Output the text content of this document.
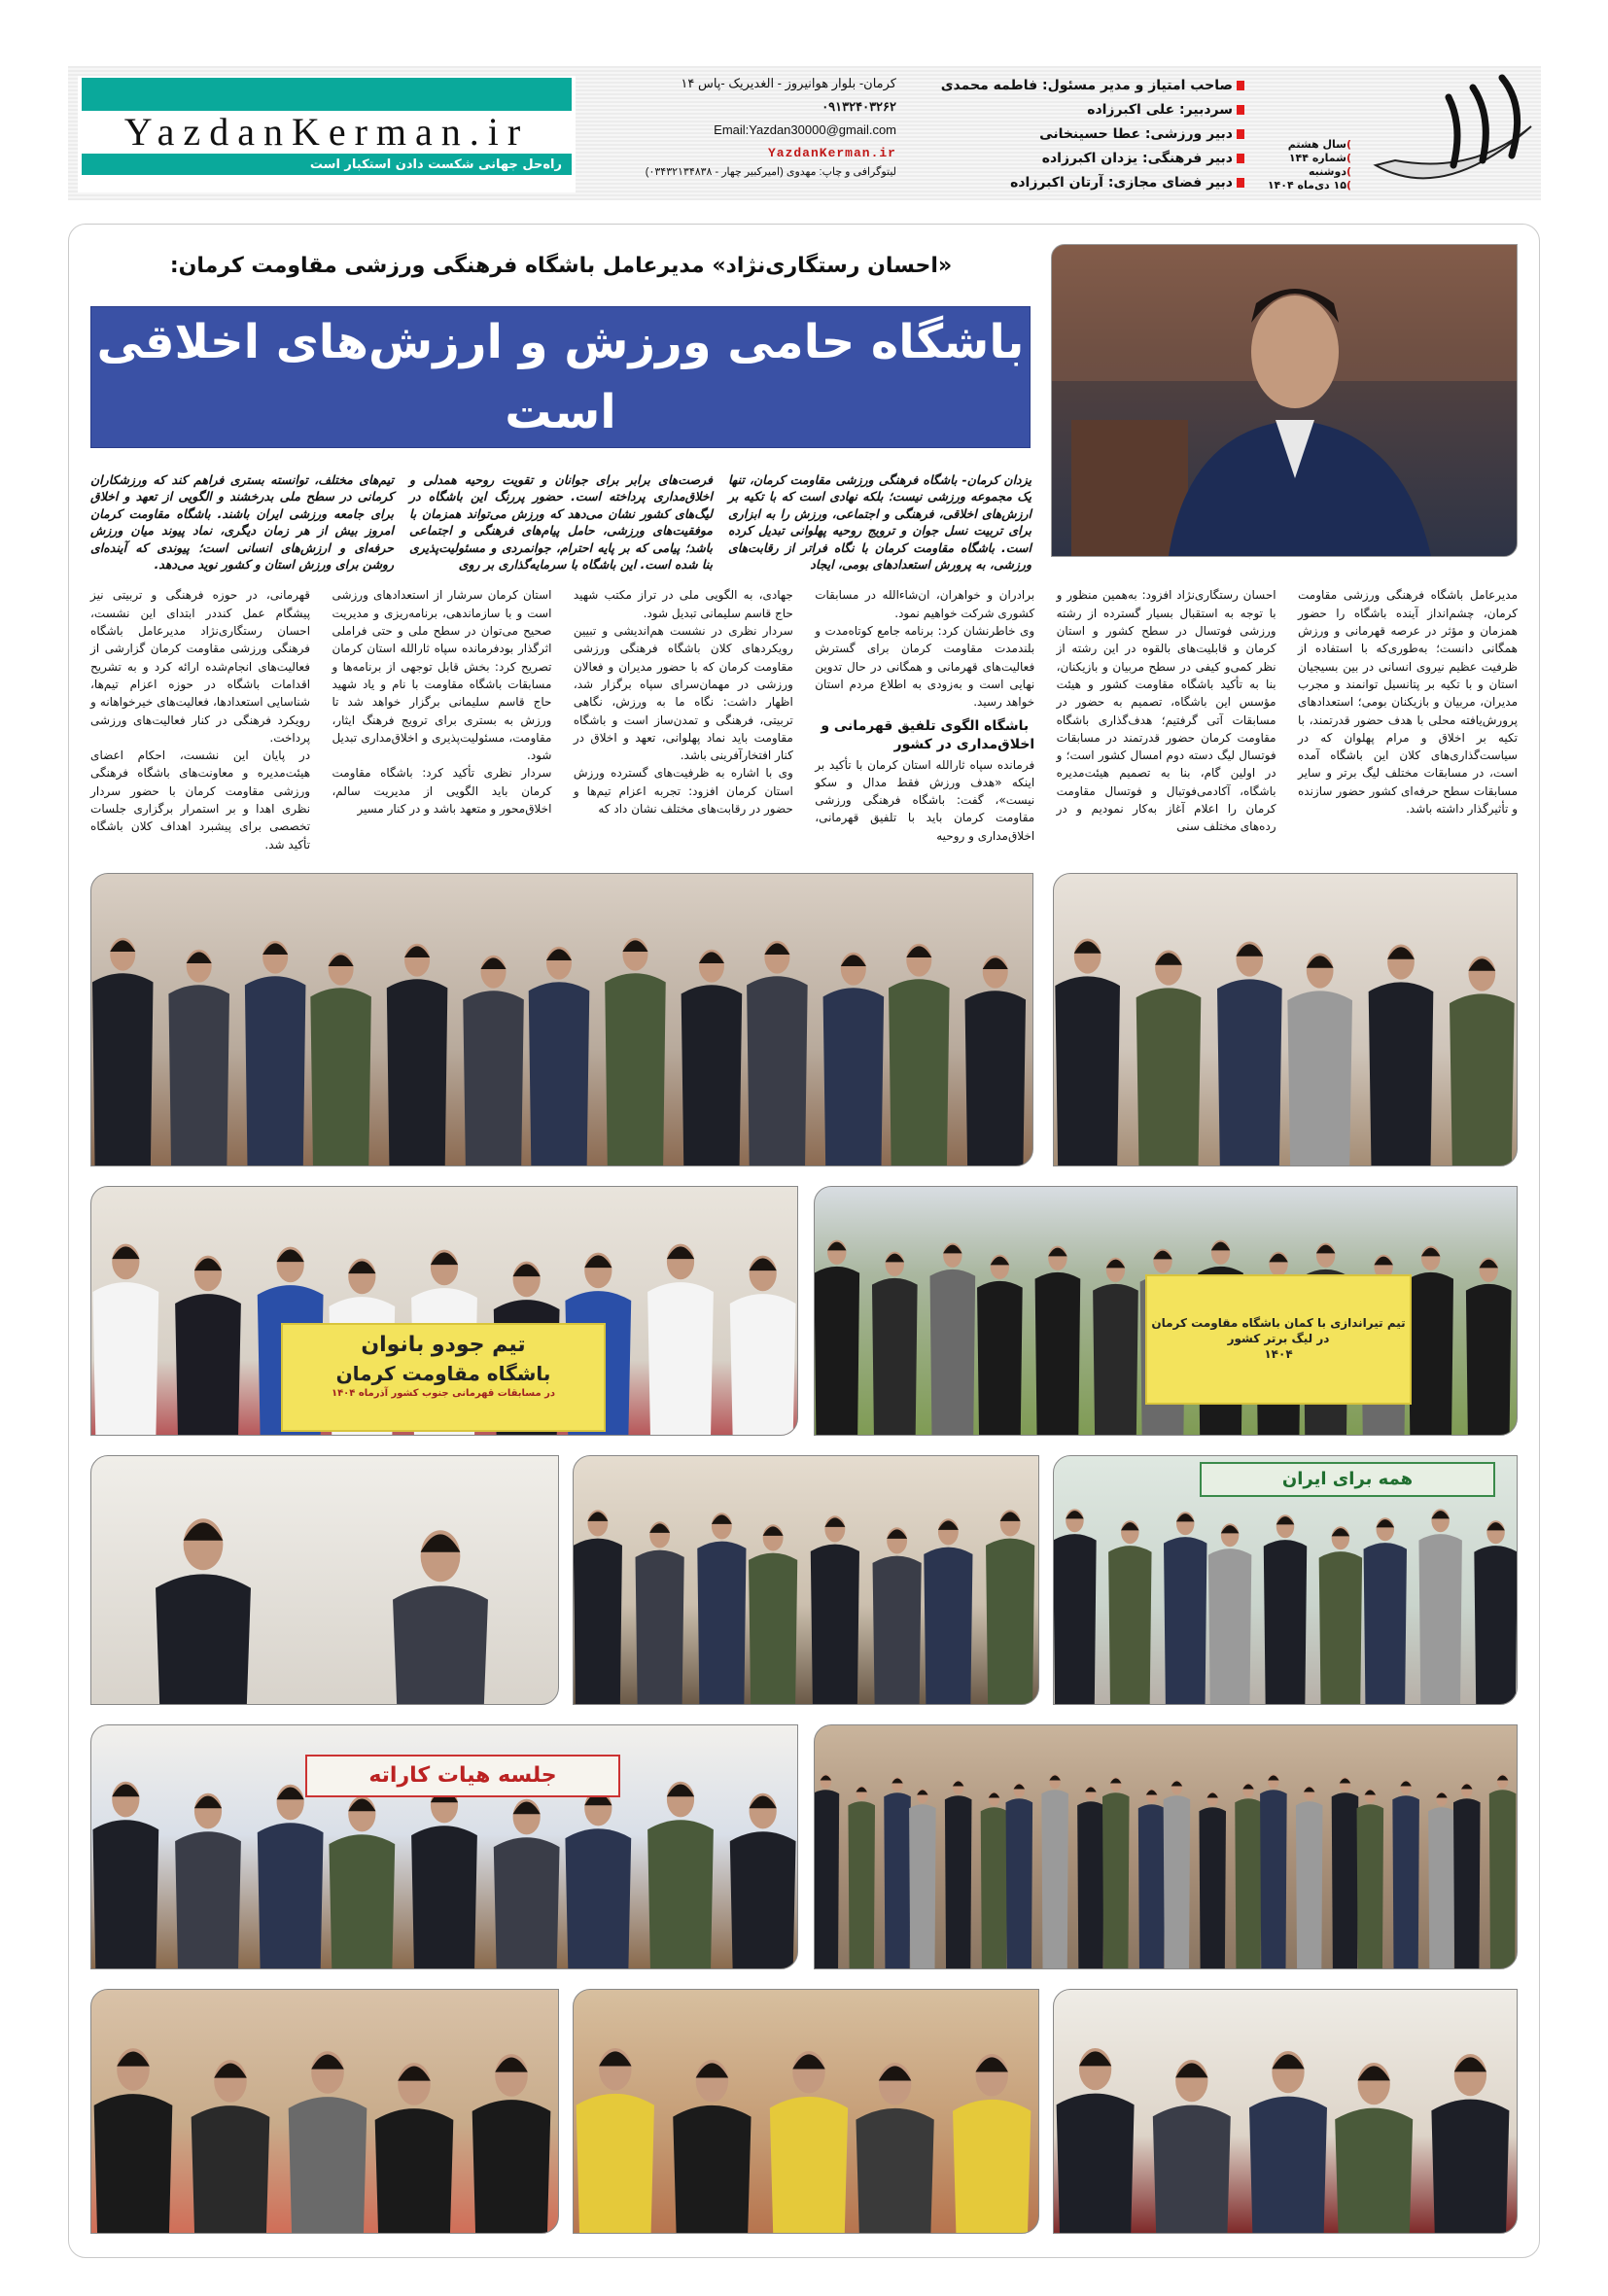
YazdanKerman.ir
راه‌حل جهانی شکست دادن استکبار است
کرمان- بلوار هوانیروز - الغدیریک -پاس ۱۴
۰۹۱۳۲۴۰۳۲۶۲
Email:Yazdan30000@gmail.com
YazdanKerman.ir
لیتوگرافی و چاپ: مهدوی (امیرکبیر چهار - ۰۳۴۳۲۱۳۴۸۳۸)
صاحب امتیاز و مدیر مسئول: فاطمه محمدی
سردبیر: علی اکبرزاده
دبیر ورزشی: عطا حسینخانی
دبیر فرهنگی: یزدان اکبرزاده
دبیر فضای مجازی: آرتان اکبرزاده
)سال هشتم
)شماره ۱۴۴
)دوشنبه
)۱۵ دی‌ماه ۱۴۰۴
«احسان رستگاری‌نژاد» مدیرعامل باشگاه فرهنگی ورزشی مقاومت کرمان:
باشگاه حامی ورزش و ارزش‌های اخلاقی است
یزدان کرمان- باشگاه فرهنگی ورزشی مقاومت کرمان، تنها یک مجموعه ورزشی نیست؛ بلکه نهادی است که با تکیه بر ارزش‌های اخلاقی، فرهنگی و اجتماعی، ورزش را به ابزاری برای تربیت نسل جوان و ترویج روحیه پهلوانی تبدیل کرده است. باشگاه مقاومت کرمان با نگاه فراتر از رقابت‌های ورزشی، به پرورش استعدادهای بومی، ایجاد
فرصت‌های برابر برای جوانان و تقویت روحیه همدلی و اخلاق‌مداری پرداخته است. حضور پررنگ این باشگاه در لیگ‌های کشور نشان می‌دهد که ورزش می‌تواند همزمان با موفقیت‌های ورزشی، حامل پیام‌های فرهنگی و اجتماعی باشد؛ پیامی که بر پایه احترام، جوانمردی و مسئولیت‌پذیری بنا شده است. این باشگاه با سرمایه‌گذاری بر روی
تیم‌های مختلف، توانسته بستری فراهم کند که ورزشکاران کرمانی در سطح ملی بدرخشند و الگویی از تعهد و اخلاق برای جامعه ورزشی ایران باشند. باشگاه مقاومت کرمان امروز بیش از هر زمان دیگری، نماد پیوند میان ورزش حرفه‌ای و ارزش‌های انسانی است؛ پیوندی که آینده‌ای روشن برای ورزش استان و کشور نوید می‌دهد.

مدیرعامل باشگاه فرهنگی ورزشی مقاومت کرمان، چشم‌انداز آینده باشگاه را حضور همزمان و مؤثر در عرصه قهرمانی و ورزش همگانی دانست؛ به‌طوری‌که با استفاده از ظرفیت عظیم نیروی انسانی در بین بسیجیان استان و با تکیه بر پتانسیل توانمند و مجرب مدیران، مربیان و بازیکنان بومی؛ استعدادهای پرورش‌یافته محلی با هدف حضور قدرتمند، با تکیه بر اخلاق و مرام پهلوان که در سیاست‌گذاری‌های کلان این باشگاه آمده است، در مسابقات مختلف لیگ برتر و سایر مسابقات سطح حرفه‌ای کشور حضور سازنده و تأثیرگذار داشته باشد.

احسان رستگاری‌نژاد افزود: به‌همین منظور و با توجه به استقبال بسیار گسترده از رشته ورزشی فوتسال در سطح کشور و استان کرمان و قابلیت‌های بالقوه در این رشته از نظر کمی‌و کیفی در سطح مربیان و بازیکنان، بنا به تأکید باشگاه مقاومت کشور و هیئت مؤسس این باشگاه، تصمیم به حضور در مسابقات آتی گرفتیم؛ هدف‌گذاری باشگاه مقاومت کرمان حضور قدرتمند در مسابقات فوتسال لیگ دسته دوم امسال کشور است؛ و در اولین گام، بنا به تصمیم هیئت‌مدیره باشگاه، آکادمی‌فوتبال و فوتسال مقاومت کرمان را اعلام آغاز به‌کار نمودیم و در رده‌های مختلف سنی

برادران و خواهران، ان‌شاءالله در مسابقات کشوری شرکت خواهیم نمود.

وی خاطرنشان کرد: برنامه جامع کوتاه‌مدت و بلندمدت مقاومت کرمان برای گسترش فعالیت‌های قهرمانی و همگانی در حال تدوین نهایی است و به‌زودی به اطلاع مردم استان خواهد رسید.

باشگاه الگوی تلفیق قهرمانی و اخلاق‌مداری در کشور

فرمانده سپاه ثارالله استان کرمان با تأکید بر اینکه «هدف ورزش فقط مدال و سکو نیست»، گفت: باشگاه فرهنگی ورزشی مقاومت کرمان باید با تلفیق قهرمانی، اخلاق‌مداری و روحیه

جهادی، به الگویی ملی در تراز مکتب شهید حاج قاسم سلیمانی تبدیل شود.

سردار نظری در نشست هم‌اندیشی و تبیین رویکردهای کلان باشگاه فرهنگی ورزشی مقاومت کرمان که با حضور مدیران و فعالان ورزشی در مهمان‌سرای سپاه برگزار شد، اظهار داشت: نگاه ما به ورزش، نگاهی تربیتی، فرهنگی و تمدن‌ساز است و باشگاه مقاومت باید نماد پهلوانی، تعهد و اخلاق در کنار افتخارآفرینی باشد.

وی با اشاره به ظرفیت‌های گسترده ورزش استان کرمان افزود: تجربه اعزام تیم‌ها و حضور در رقابت‌های مختلف نشان داد که

استان کرمان سرشار از استعدادهای ورزشی است و با سازماندهی، برنامه‌ریزی و مدیریت صحیح می‌توان در سطح ملی و حتی فراملی اثرگذار بودفرمانده سپاه ثارالله استان کرمان تصریح کرد: بخش قابل توجهی از برنامه‌ها و مسابقات باشگاه مقاومت با نام و یاد شهید حاج قاسم سلیمانی برگزار خواهد شد تا ورزش به بستری برای ترویج فرهنگ ایثار، مقاومت، مسئولیت‌پذیری و اخلاق‌مداری تبدیل شود.

سردار نظری تأکید کرد: باشگاه مقاومت کرمان باید الگویی از مدیریت سالم، اخلاق‌محور و متعهد باشد و در کنار مسیر

قهرمانی، در حوزه فرهنگی و تربیتی نیز پیشگام عمل کنددر ابتدای این نشست، احسان رستگاری‌نژاد مدیرعامل باشگاه فرهنگی ورزشی مقاومت کرمان گزارشی از فعالیت‌های انجام‌شده ارائه کرد و به تشریح اقدامات باشگاه در حوزه اعزام تیم‌ها، شناسایی استعدادها، فعالیت‌های خیرخواهانه و رویکرد فرهنگی در کنار فعالیت‌های ورزشی پرداخت.

در پایان این نشست، احکام اعضای هیئت‌مدیره و معاونت‌های باشگاه فرهنگی ورزشی مقاومت کرمان با حضور سردار نظری اهدا و بر استمرار برگزاری جلسات تخصصی برای پیشبرد اهداف کلان باشگاه تأکید شد.

تیم جودو بانوان
باشگاه مقاومت کرمان
در مسابقات قهرمانی جنوب کشور آذرماه ۱۴۰۴
تیم تیراندازی با کمان باشگاه مقاومت کرمان
در لیگ برتر کشور
۱۴۰۴
همه برای ایران
جلسه هیات کاراته
